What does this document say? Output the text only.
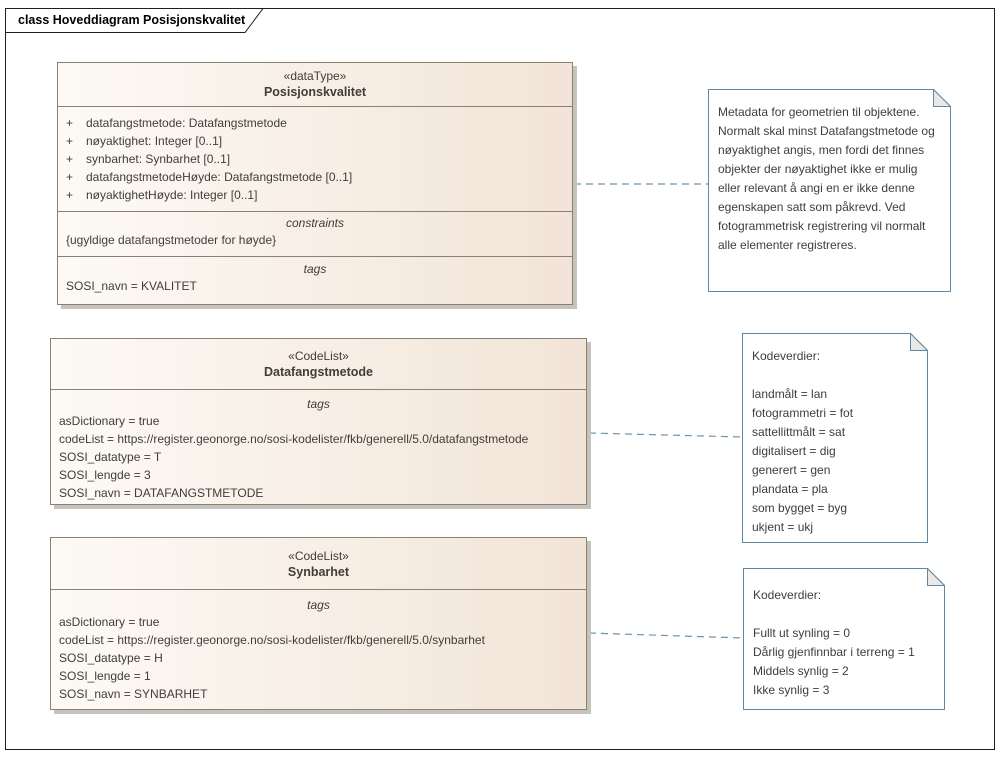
class Hoveddiagram Posisjonskvalitet
«dataType»
Posisjonskvalitet
+	datafangstmetode: Datafangstmetode
+	nøyaktighet: Integer [0..1]
+	synbarhet: Synbarhet [0..1]
+	datafangstmetodeHøyde: Datafangstmetode [0..1]
+	nøyaktighetHøyde: Integer [0..1]
constraints
{ugyldige datafangstmetoder for høyde}
tags
SOSI_navn = KVALITET
«CodeList»
Datafangstmetode
tags
asDictionary = true
codeList = https://register.geonorge.no/sosi-kodelister/fkb/generell/5.0/datafangstmetode
SOSI_datatype = T
SOSI_lengde = 3
SOSI_navn = DATAFANGSTMETODE
«CodeList»
Synbarhet
tags
asDictionary = true
codeList = https://register.geonorge.no/sosi-kodelister/fkb/generell/5.0/synbarhet
SOSI_datatype = H
SOSI_lengde = 1
SOSI_navn = SYNBARHET
Metadata for geometrien til objektene.
Normalt skal minst Datafangstmetode og
nøyaktighet angis, men fordi det finnes
objekter der nøyaktighet ikke er mulig
eller relevant å angi en er ikke denne
egenskapen satt som påkrevd. Ved
fotogrammetrisk registrering vil normalt
alle elementer registreres.
Kodeverdier:
landmålt = lan
fotogrammetri = fot
sattellittmålt = sat
digitalisert = dig
generert = gen
plandata = pla
som bygget = byg
ukjent = ukj
Kodeverdier:
Fullt ut synling = 0
Dårlig gjenfinnbar i terreng = 1
Middels synlig = 2
Ikke synlig = 3
